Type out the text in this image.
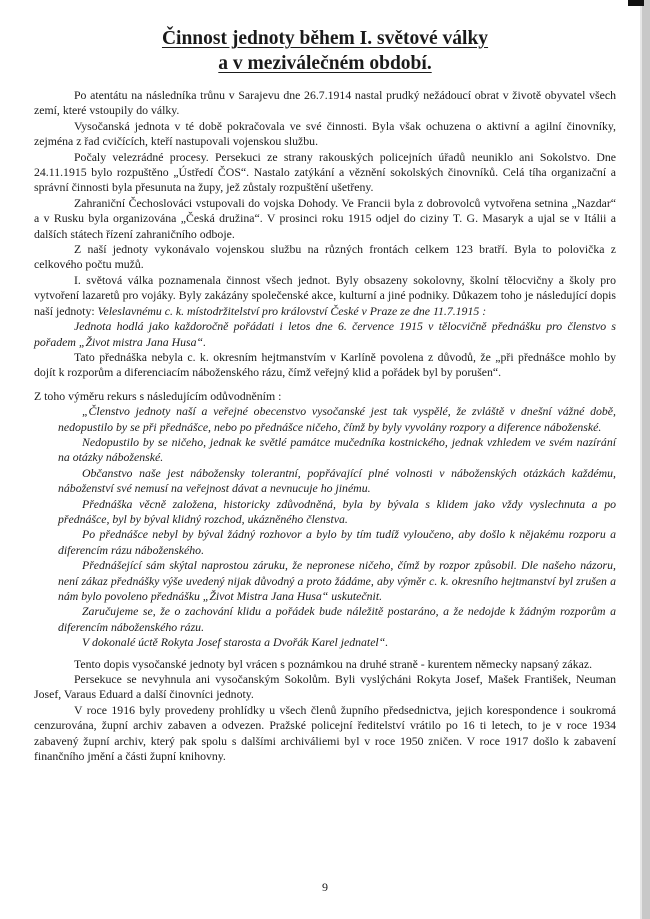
Činnost jednoty během I. světové války
a v meziválečném období.

Po atentátu na následníka trůnu v Sarajevu dne 26.7.1914 nastal prudký nežádoucí obrat v životě obyvatel všech zemí, které vstoupily do války.

Vysočanská jednota v té době pokračovala ve své činnosti. Byla však ochuzena o aktivní a agilní činovníky, zejména z řad cvičících, kteří nastupovali vojenskou službu.

Počaly velezrádné procesy. Persekuci ze strany rakouských policejních úřadů neuniklo ani Sokolstvo. Dne 24.11.1915 bylo rozpuštěno „Ústředí ČOS“. Nastalo zatýkání a věznění sokolských činovníků. Celá tíha organizační a správní činnosti byla přesunuta na župy, jež zůstaly rozpuštění ušetřeny.

Zahraniční Čechoslováci vstupovali do vojska Dohody. Ve Francii byla z dobrovolců vytvořena setnina „Nazdar“ a v Rusku byla organizována „Česká družina“. V prosinci roku 1915 odjel do ciziny T. G. Masaryk a ujal se v Itálii a dalších státech řízení zahraničního odboje.

Z naší jednoty vykonávalo vojenskou službu na různých frontách celkem 123 bratří. Byla to polovička z celkového počtu mužů.

I. světová válka poznamenala činnost všech jednot. Byly obsazeny sokolovny, školní tělocvičny a školy pro vytvoření lazaretů pro vojáky. Byly zakázány společenské akce, kulturní a jiné podniky. Důkazem toho je následující dopis naší jednoty: Veleslavnému c. k. místodržitelství pro království České v Praze ze dne 11.7.1915 :

Jednota hodlá jako každoročně pořádati i letos dne 6. července 1915 v tělocvičně přednášku pro členstvo s pořadem „Život mistra Jana Husa“.

Tato přednáška nebyla c. k. okresním hejtmanstvím v Karlíně povolena z důvodů, že „při přednášce mohlo by dojít k rozporům a diferenciacím náboženského rázu, čímž veřejný klid a pořádek byl by porušen“.

Z toho výměru rekurs s následujícím odůvodněním :

„Členstvo jednoty naší a veřejné obecenstvo vysočanské jest tak vyspělé, že zvláště v dnešní vážné době, nedopustilo by se při přednášce, nebo po přednášce ničeho, čímž by byly vyvolány rozpory a diference náboženské.

Nedopustilo by se ničeho, jednak ke světlé památce mučedníka kostnického, jednak vzhledem ve svém nazírání na otázky náboženské.

Občanstvo naše jest nábožensky tolerantní, popřávající plné volnosti v náboženských otázkách každému, náboženství své nemusí na veřejnost dávat a nevnucuje ho jinému.

Přednáška věcně založena, historicky zdůvodněná, byla by bývala s klidem jako vždy vyslechnuta a po přednášce, byl by býval klidný rozchod, ukázněného členstva.

Po přednášce nebyl by býval žádný rozhovor a bylo by tím tudíž vyloučeno, aby došlo k nějakému rozporu a diferencím rázu náboženského.

Přednášející sám skýtal naprostou záruku, že nepronese ničeho, čímž by rozpor způsobil. Dle našeho názoru, není zákaz přednášky výše uvedený nijak důvodný a proto žádáme, aby výměr c. k. okresního hejtmanství byl zrušen a nám bylo povoleno přednášku „Život Mistra Jana Husa“ uskutečnit.

Zaručujeme se, že o zachování klidu a pořádek bude náležitě postaráno, a že nedojde k žádným rozporům a diferencím náboženského rázu.

V dokonalé úctě Rokyta Josef starosta a Dvořák Karel jednatel“.

Tento dopis vysočanské jednoty byl vrácen s poznámkou na druhé straně - kurentem německy napsaný zákaz.

Persekuce se nevyhnula ani vysočanským Sokolům. Byli vyslýcháni Rokyta Josef, Mašek František, Neuman Josef, Varaus Eduard a další činovníci jednoty.

V roce 1916 byly provedeny prohlídky u všech členů župního předsednictva, jejich korespondence i soukromá cenzurována, župní archiv zabaven a odvezen. Pražské policejní ředitelství vrátilo po 16 ti letech, to je v roce 1934 zabavený župní archiv, který pak spolu s dalšími archiváliemi byl v roce 1950 zničen. V roce 1917 došlo k zabavení finančního jmění a části župní knihovny.

9
